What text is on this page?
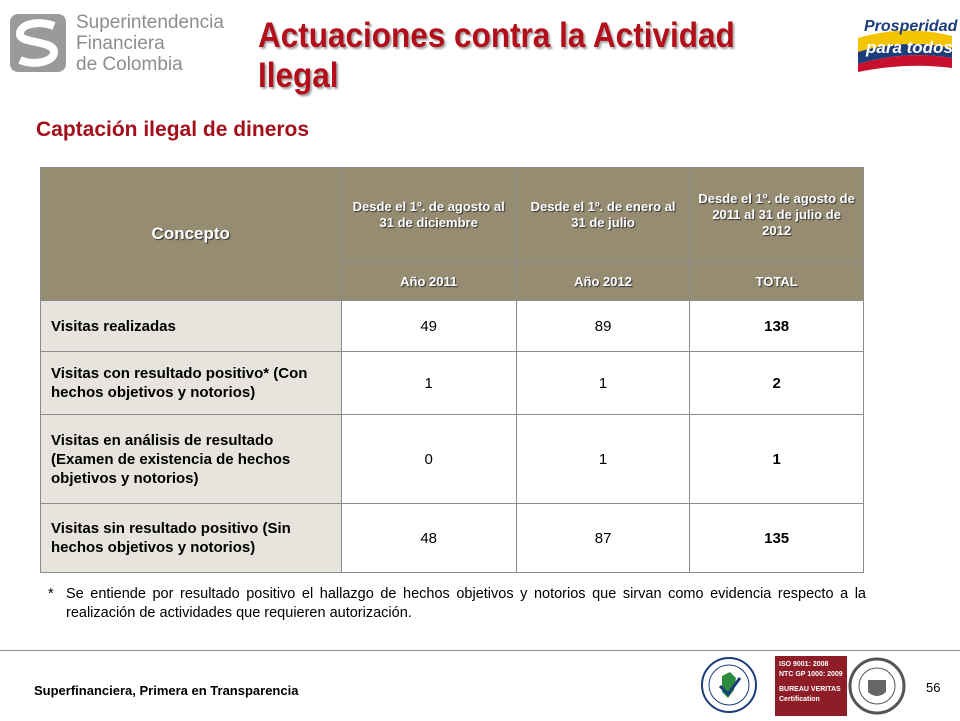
Superintendencia
Financiera
de Colombia
Actuaciones contra la Actividad Ilegal
Prosperidad
para todos
Captación ilegal de dineros
Concepto	Desde el 1º. de agosto al 31 de diciembre	Desde el 1º. de enero al 31 de julio	Desde el 1º. de agosto de 2011 al 31 de julio de 2012
	Año 2011	Año 2012	TOTAL
Visitas realizadas	49	89	138
Visitas con resultado positivo* (Con hechos objetivos y notorios)	1	1	2
Visitas en análisis de resultado (Examen de existencia de hechos objetivos y notorios)	0	1	1
Visitas sin resultado positivo (Sin hechos objetivos y notorios)	48	87	135
* Se entiende por resultado positivo el hallazgo de hechos objetivos y notorios que sirvan como evidencia respecto a la realización de actividades que requieren autorización.
Superfinanciera, Primera en Transparencia
ISO 9001: 2008
NTC GP 1000: 2009
BUREAU VERITAS
Certification
56
